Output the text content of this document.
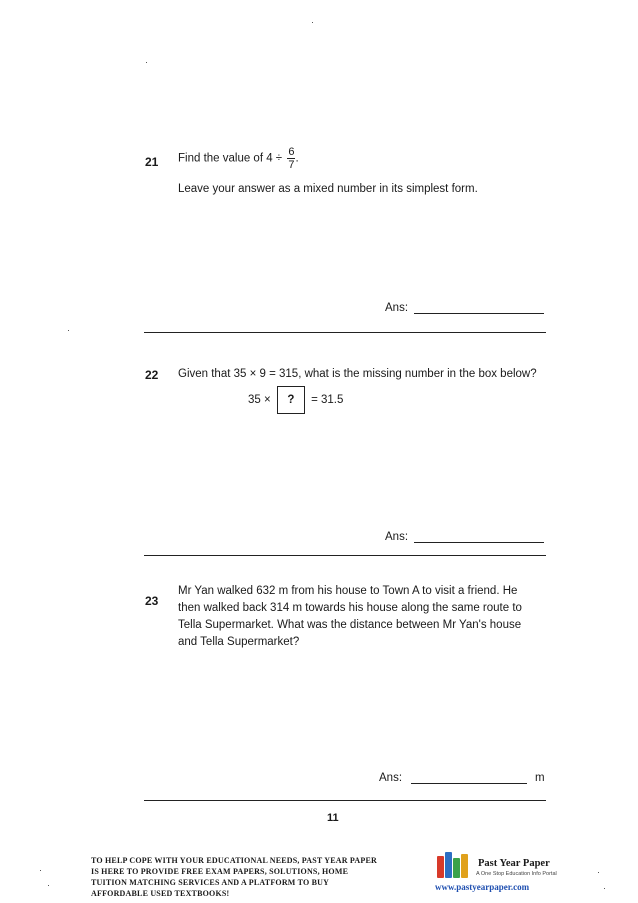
21 Find the value of $4 \div \frac{6}{7}$ .
Leave your answer as a mixed number in its simplest form.
Ans:
22 Given that 35 × 9 = 315, what is the missing number in the box below?
35 × ? = 31.5
Ans:
23
Mr Yan walked 632 m from his house to Town A to visit a friend. He
then walked back 314 m towards his house along the same route to
Tella Supermarket. What was the distance between Mr Yan's house
and Tella Supermarket?
Ans:	m
11
TO HELP COPE WITH YOUR EDUCATIONAL NEEDS, PAST YEAR PAPER
IS HERE TO PROVIDE FREE EXAM PAPERS, SOLUTIONS, HOME
TUITION MATCHING SERVICES AND A PLATFORM TO BUY
AFFORDABLE USED TEXTBOOKS!
Past Year Paper
A One Stop Education Info Portal
www.pastyearpaper.com
